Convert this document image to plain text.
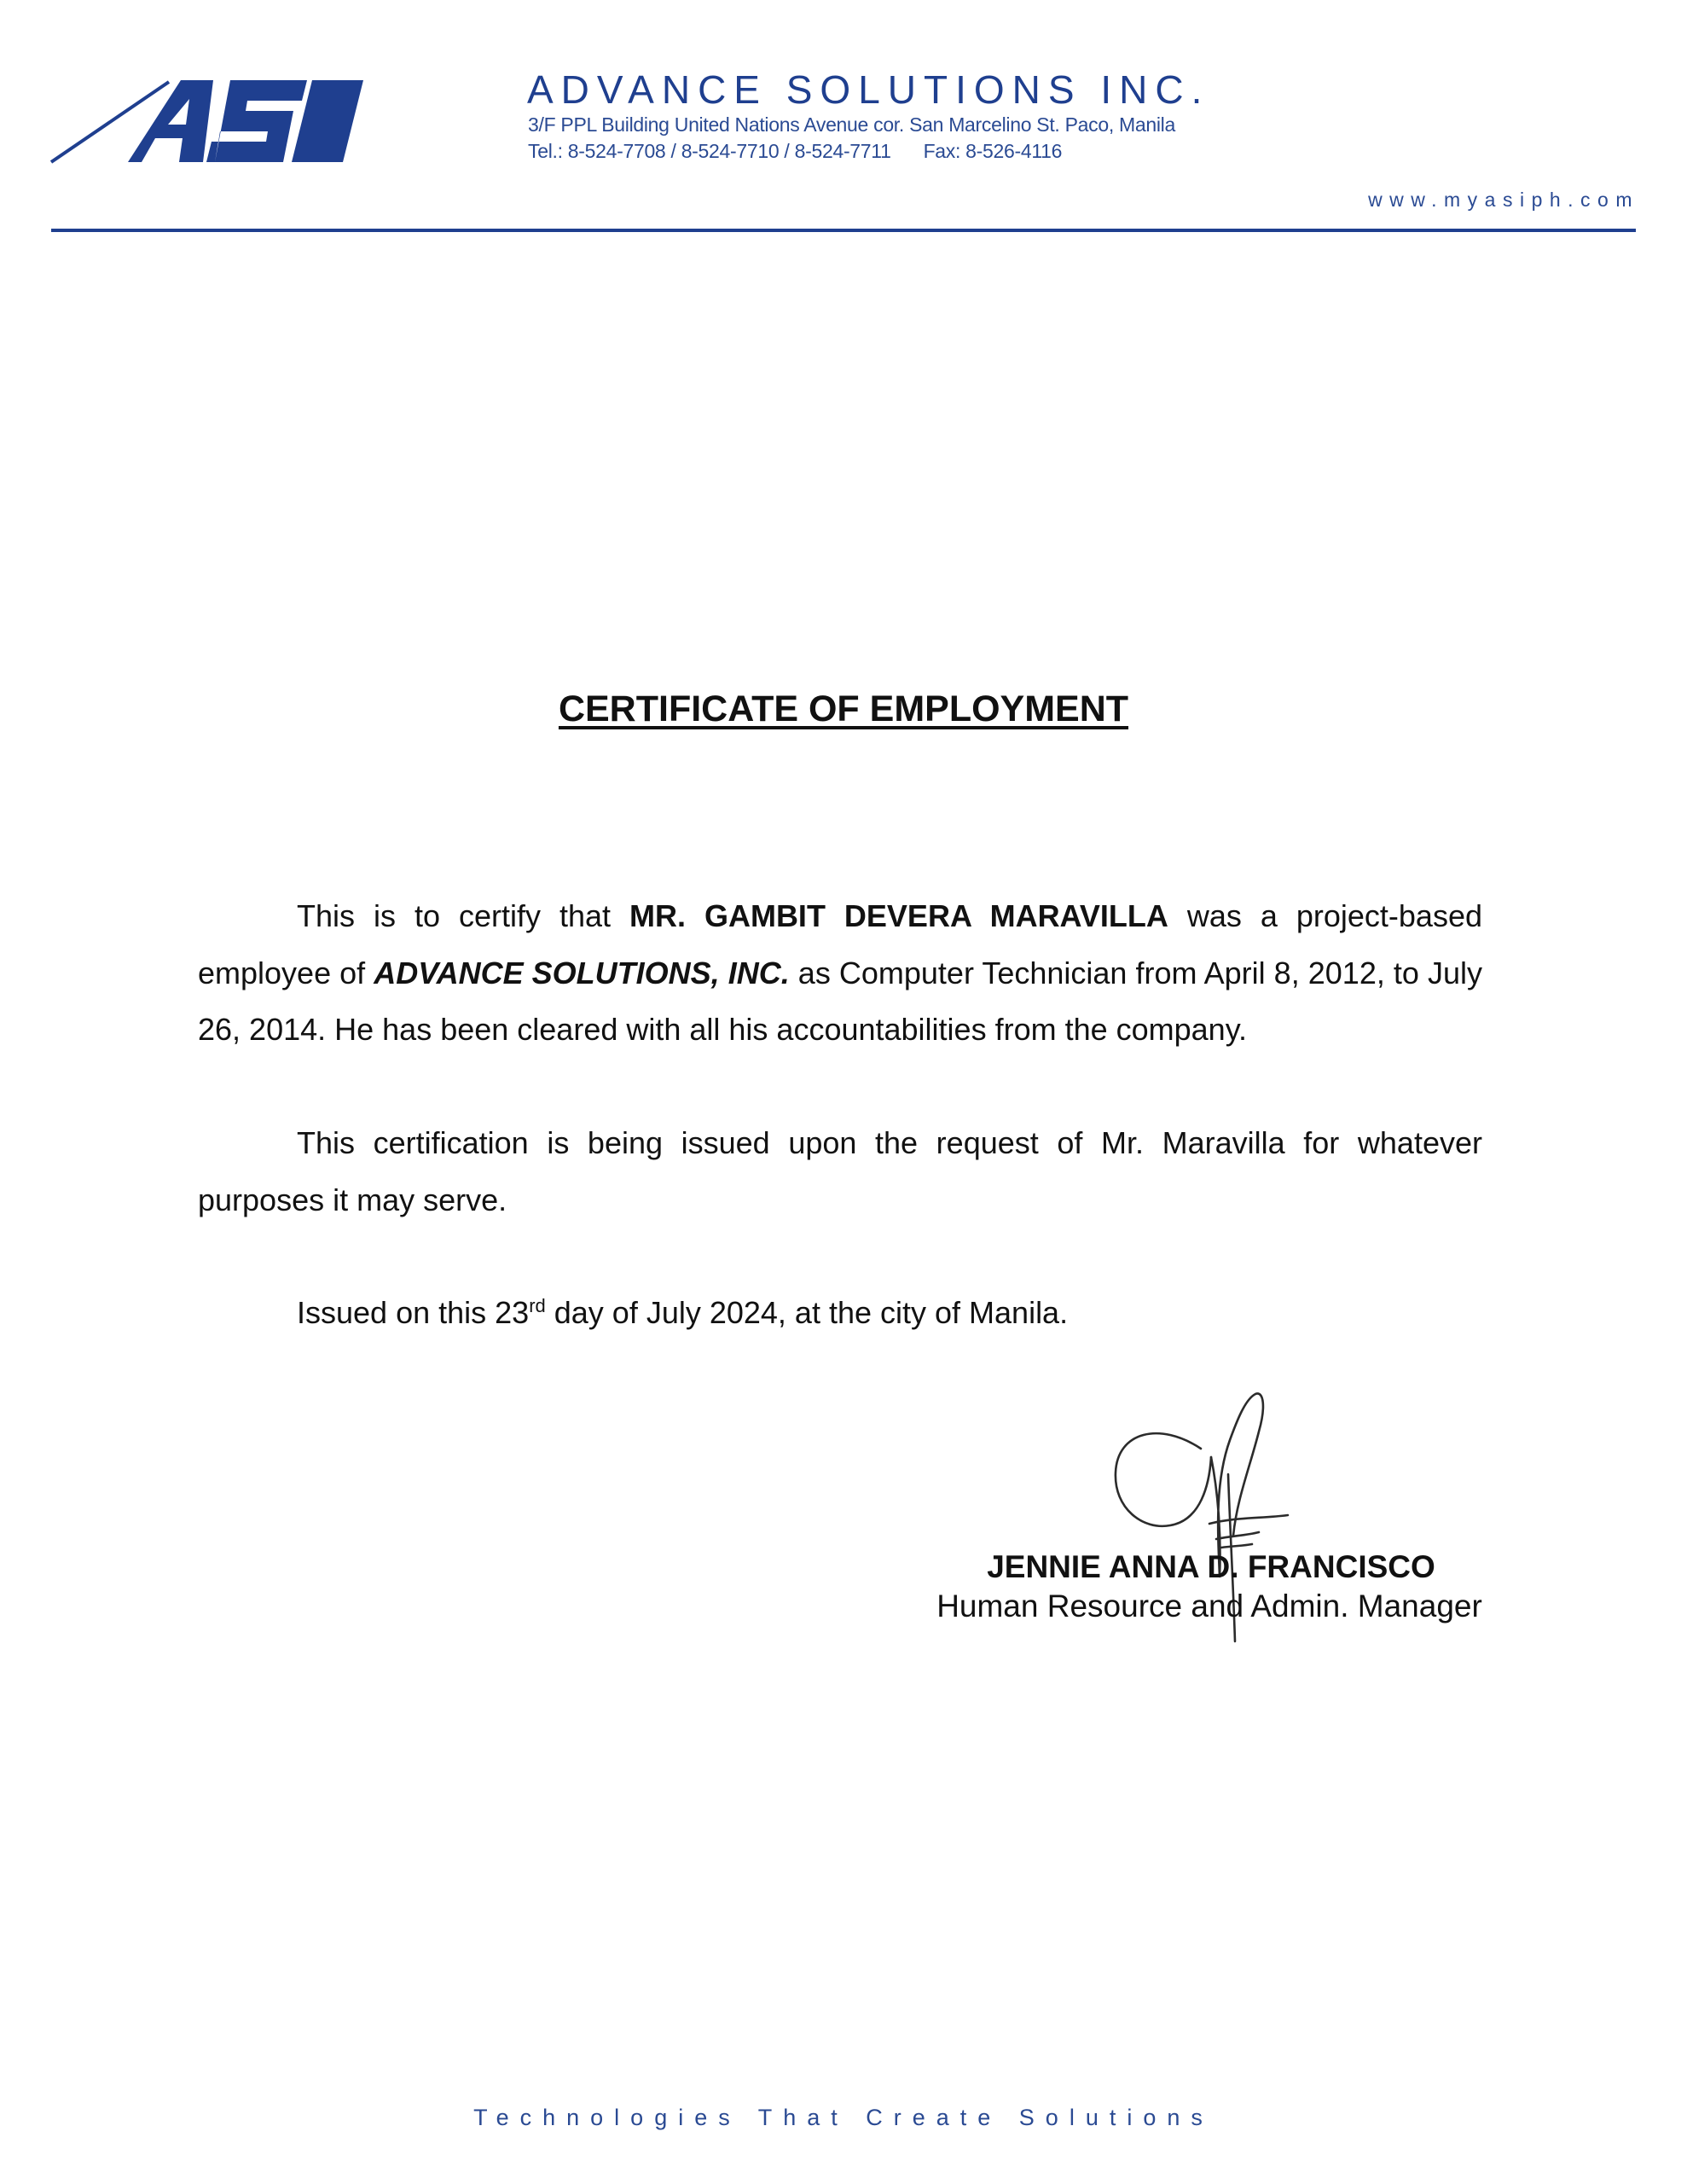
ADVANCE SOLUTIONS INC.
3/F PPL Building United Nations Avenue cor. San Marcelino St. Paco, Manila
Tel.: 8-524-7708 / 8-524-7710 / 8-524-7711 Fax: 8-526-4116
www.myasiph.com
CERTIFICATE OF EMPLOYMENT

This is to certify that MR. GAMBIT DEVERA MARAVILLA was a project-based employee of ADVANCE SOLUTIONS, INC. as Computer Technician from April 8, 2012, to July 26, 2014. He has been cleared with all his accountabilities from the company.

This certification is being issued upon the request of Mr. Maravilla for whatever purposes it may serve.

Issued on this 23rd day of July 2024, at the city of Manila.

JENNIE ANNA D. FRANCISCO
Human Resource and Admin. Manager
Technologies That Create Solutions
